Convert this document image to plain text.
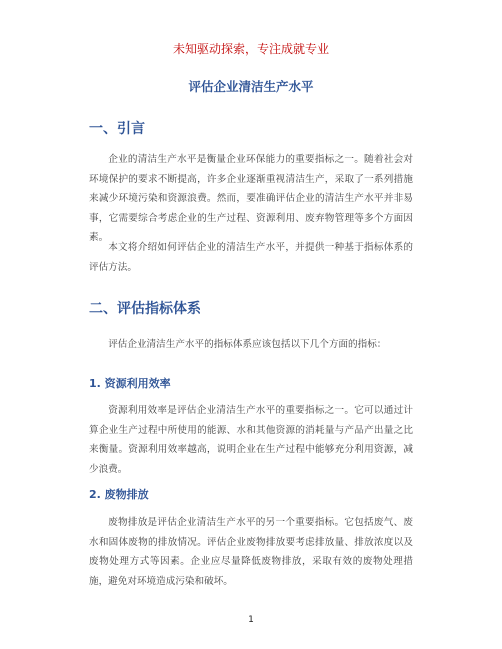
未知驱动探索，专注成就专业
评估企业清洁生产水平
一、引言

企业的清洁生产水平是衡量企业环保能力的重要指标之一。随着社会对环境保护的要求不断提高，许多企业逐渐重视清洁生产，采取了一系列措施来减少环境污染和资源浪费。然而，要准确评估企业的清洁生产水平并非易事，它需要综合考虑企业的生产过程、资源利用、废弃物管理等多个方面因素。

本文将介绍如何评估企业的清洁生产水平，并提供一种基于指标体系的评估方法。

二、评估指标体系

评估企业清洁生产水平的指标体系应该包括以下几个方面的指标：

1. 资源利用效率

资源利用效率是评估企业清洁生产水平的重要指标之一。它可以通过计算企业生产过程中所使用的能源、水和其他资源的消耗量与产品产出量之比来衡量。资源利用效率越高，说明企业在生产过程中能够充分利用资源，减少浪费。

2. 废物排放

废物排放是评估企业清洁生产水平的另一个重要指标。它包括废气、废水和固体废物的排放情况。评估企业废物排放要考虑排放量、排放浓度以及废物处理方式等因素。企业应尽量降低废物排放，采取有效的废物处理措施，避免对环境造成污染和破坏。

1
